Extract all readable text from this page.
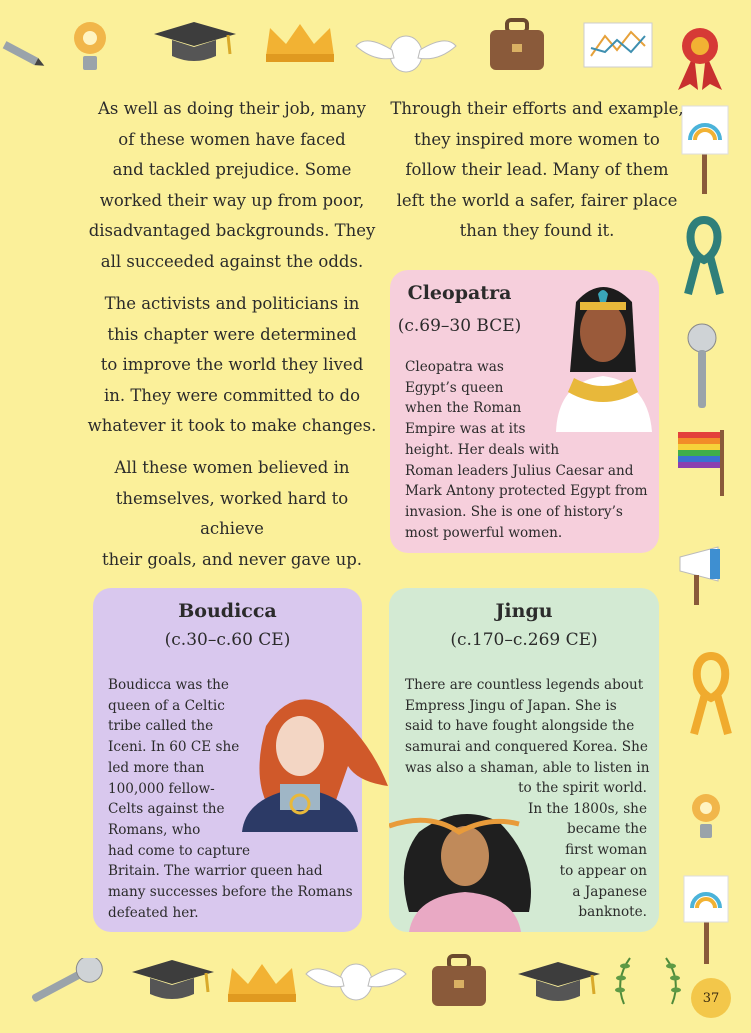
As well as doing their job, many
of these women have faced
and tackled prejudice. Some
worked their way up from poor,
disadvantaged backgrounds. They
all succeeded against the odds.
The activists and politicians in
this chapter were determined
to improve the world they lived
in. They were committed to do
whatever it took to make changes.
All these women believed in
themselves, worked hard to achieve
their goals, and never gave up.
Through their efforts and example,
they inspired more women to
follow their lead. Many of them
left the world a safer, fairer place
than they found it.
Cleopatra
(c.69–30 BCE)
Cleopatra was
Egypt’s queen
when the Roman
Empire was at its
height. Her deals with
Roman leaders Julius Caesar and
Mark Antony protected Egypt from
invasion. She is one of history’s
most powerful women.
Boudicca
(c.30–c.60 CE)
Boudicca was the
queen of a Celtic
tribe called the
Iceni. In 60 CE she
led more than
100,000 fellow-
Celts against the
Romans, who
had come to capture
Britain. The warrior queen had
many successes before the Romans
defeated her.
Jingu
(c.170–c.269 CE)
There are countless legends about
Empress Jingu of Japan. She is
said to have fought alongside the
samurai and conquered Korea. She
was also a shaman, able to listen in
to the spirit world.
In the 1800s, she
became the
first woman
to appear on
a Japanese
banknote.
37
